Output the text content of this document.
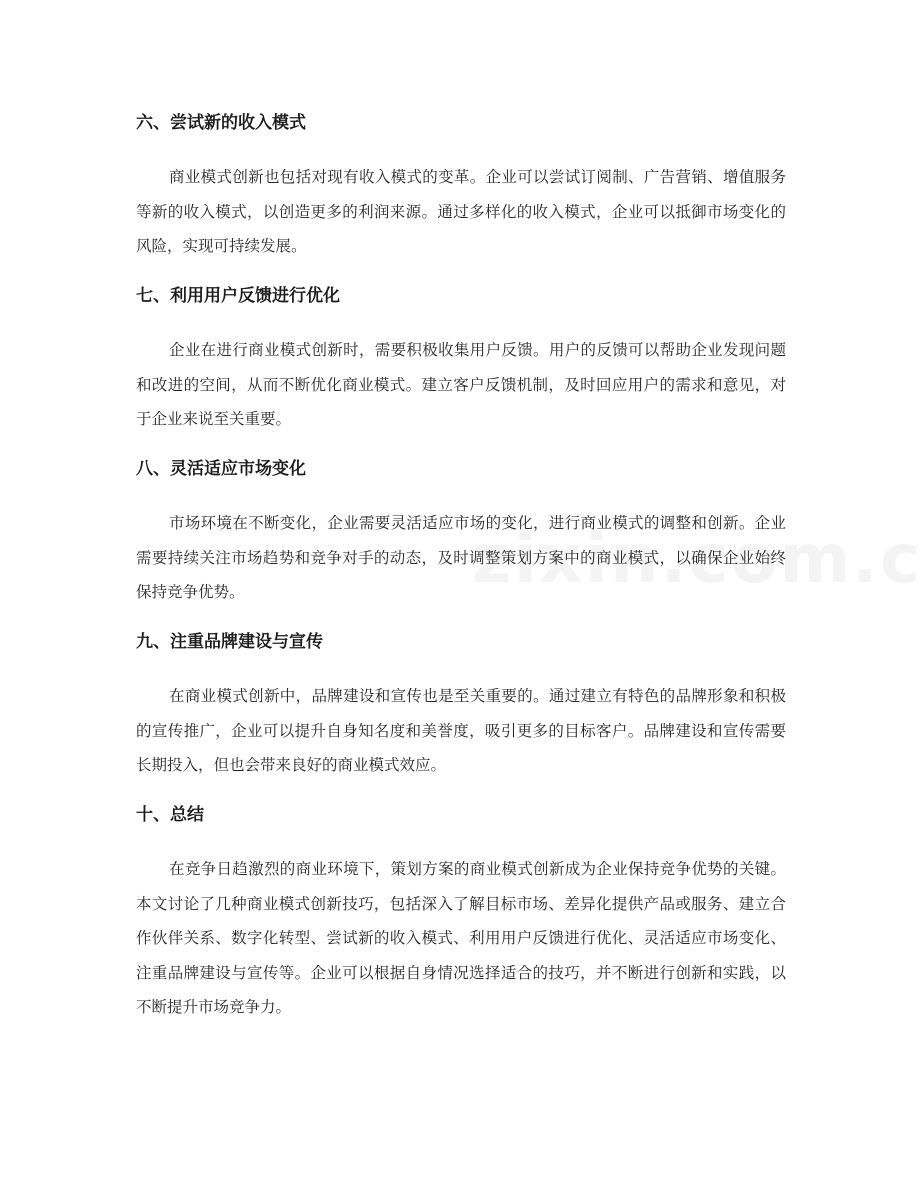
六、尝试新的收入模式

商业模式创新也包括对现有收入模式的变革。企业可以尝试订阅制、广告营销、增值服务等新的收入模式，以创造更多的利润来源。通过多样化的收入模式，企业可以抵御市场变化的风险，实现可持续发展。

七、利用用户反馈进行优化

企业在进行商业模式创新时，需要积极收集用户反馈。用户的反馈可以帮助企业发现问题和改进的空间，从而不断优化商业模式。建立客户反馈机制，及时回应用户的需求和意见，对于企业来说至关重要。

八、灵活适应市场变化

市场环境在不断变化，企业需要灵活适应市场的变化，进行商业模式的调整和创新。企业需要持续关注市场趋势和竞争对手的动态，及时调整策划方案中的商业模式，以确保企业始终保持竞争优势。

九、注重品牌建设与宣传

在商业模式创新中，品牌建设和宣传也是至关重要的。通过建立有特色的品牌形象和积极的宣传推广，企业可以提升自身知名度和美誉度，吸引更多的目标客户。品牌建设和宣传需要长期投入，但也会带来良好的商业模式效应。

十、总结

在竞争日趋激烈的商业环境下，策划方案的商业模式创新成为企业保持竞争优势的关键。本文讨论了几种商业模式创新技巧，包括深入了解目标市场、差异化提供产品或服务、建立合作伙伴关系、数字化转型、尝试新的收入模式、利用用户反馈进行优化、灵活适应市场变化、注重品牌建设与宣传等。企业可以根据自身情况选择适合的技巧，并不断进行创新和实践，以不断提升市场竞争力。
